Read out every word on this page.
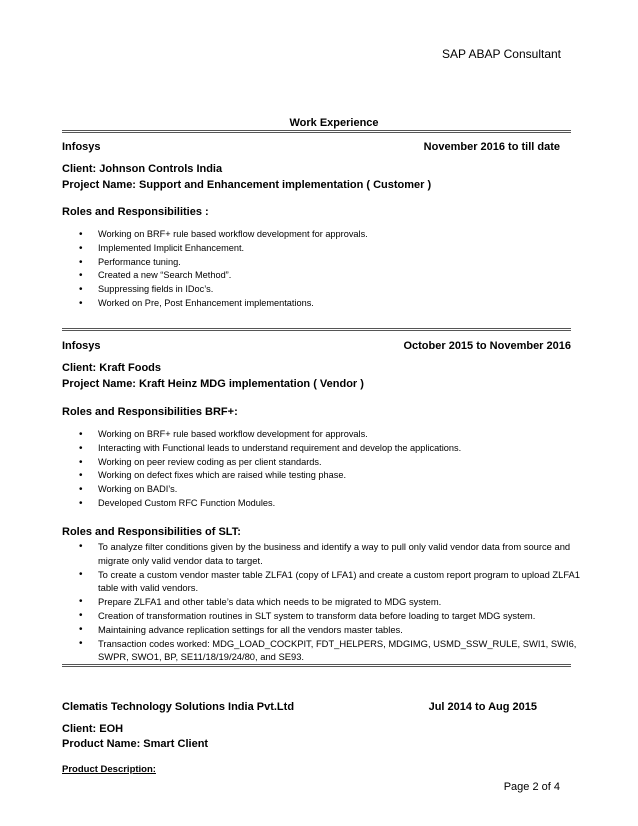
SAP ABAP Consultant
Work Experience
Infosys	November 2016 to till date
Client: Johnson Controls India
Project Name: Support and Enhancement implementation ( Customer )
Roles and Responsibilities :
• Working on BRF+ rule based workflow development for approvals.
• Implemented Implicit Enhancement.
• Performance tuning.
• Created a new “Search Method”.
• Suppressing fields in IDoc’s.
• Worked on Pre, Post Enhancement implementations.
Infosys	October 2015 to November 2016
Client: Kraft Foods
Project Name: Kraft Heinz MDG implementation ( Vendor )
Roles and Responsibilities BRF+:
• Working on BRF+ rule based workflow development for approvals.
• Interacting with Functional leads to understand requirement and develop the applications.
• Working on peer review coding as per client standards.
• Working on defect fixes which are raised while testing phase.
• Working on BADI’s.
• Developed Custom RFC Function Modules.
Roles and Responsibilities of SLT:
• To analyze filter conditions given by the business and identify a way to pull only valid vendor data from source and migrate only valid vendor data to target.
• To create a custom vendor master table ZLFA1 (copy of LFA1) and create a custom report program to upload ZLFA1 table with valid vendors.
• Prepare ZLFA1 and other table’s data which needs to be migrated to MDG system.
• Creation of transformation routines in SLT system to transform data before loading to target MDG system.
• Maintaining advance replication settings for all the vendors master tables.
• Transaction codes worked: MDG_LOAD_COCKPIT, FDT_HELPERS, MDGIMG, USMD_SSW_RULE, SWI1, SWI6, SWPR, SWO1, BP, SE11/18/19/24/80, and SE93.
Clematis Technology Solutions India Pvt.Ltd	Jul 2014 to Aug 2015
Client: EOH
Product Name: Smart Client
Product Description:
Page 2 of 4
